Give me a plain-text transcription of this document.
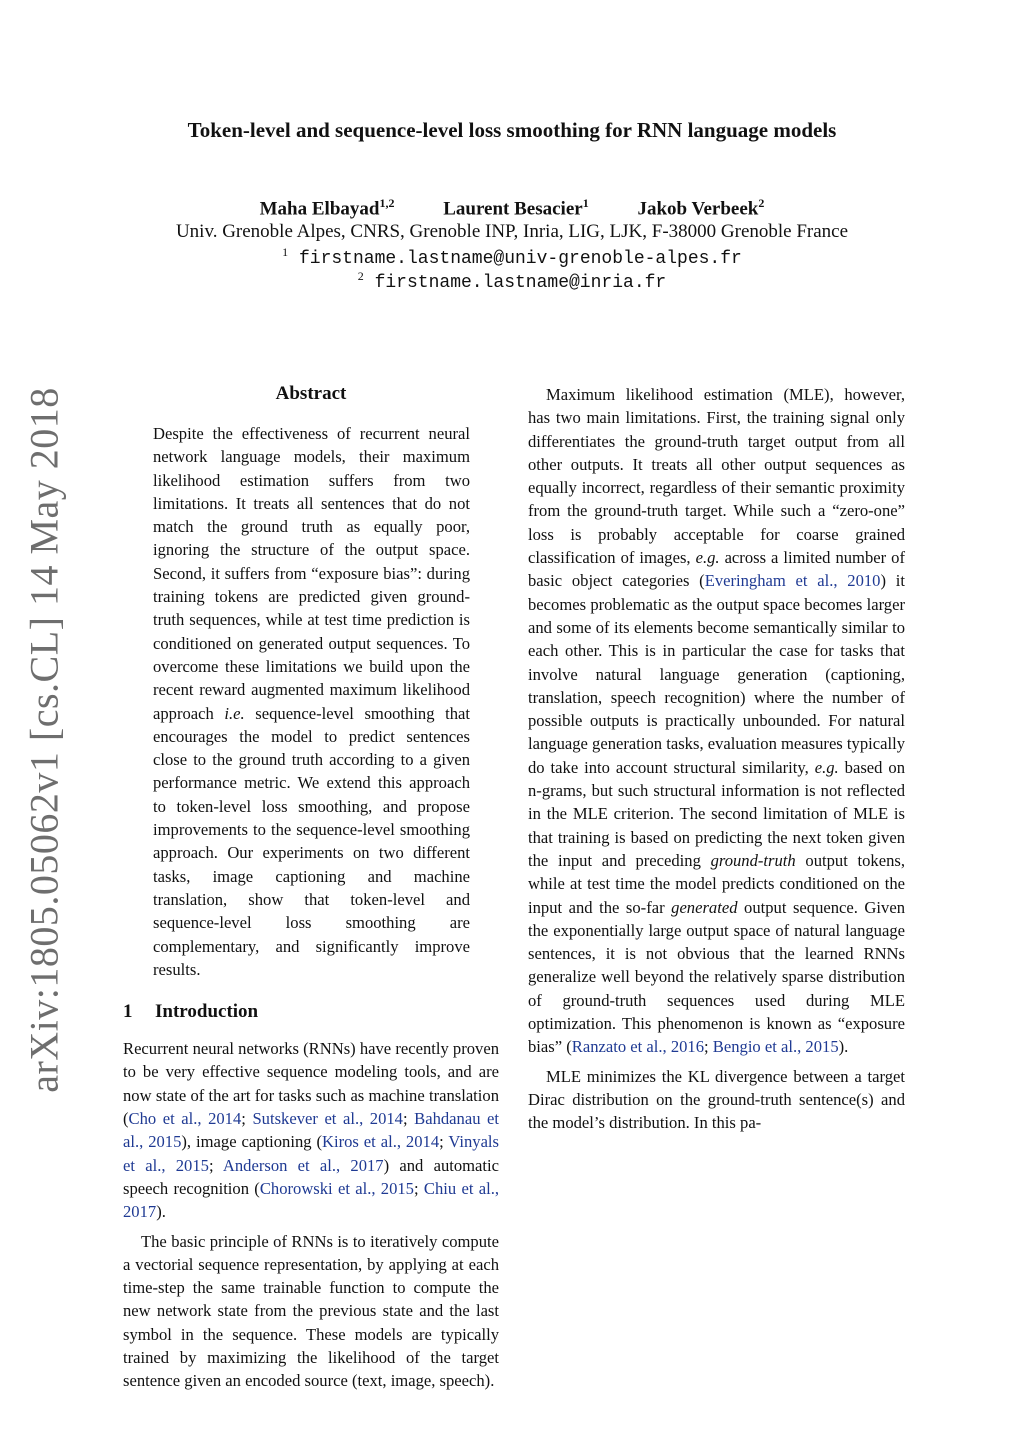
arXiv:1805.05062v1 [cs.CL] 14 May 2018
Token-level and sequence-level loss smoothing for RNN language models
Maha Elbayad$^{1,2}$	Laurent Besacier$^1$	Jakob Verbeek$^2$
Univ. Grenoble Alpes, CNRS, Grenoble INP, Inria, LIG, LJK, F-38000 Grenoble France
$^1$ firstname.lastname@univ-grenoble-alpes.fr
$^2$ firstname.lastname@inria.fr
Abstract
Despite the effectiveness of recurrent neural network language models, their maximum likelihood estimation suffers from two limitations. It treats all sentences that do not match the ground truth as equally poor, ignoring the structure of the output space. Second, it suffers from “exposure bias”: during training tokens are predicted given ground-truth sequences, while at test time prediction is conditioned on generated output sequences. To overcome these limitations we build upon the recent reward augmented maximum likelihood approach i.e. sequence-level smoothing that encourages the model to predict sentences close to the ground truth according to a given performance metric. We extend this approach to token-level loss smoothing, and propose improvements to the sequence-level smoothing approach. Our experiments on two different tasks, image captioning and machine translation, show that token-level and sequence-level loss smoothing are complementary, and significantly improve results.
1 Introduction

Recurrent neural networks (RNNs) have recently proven to be very effective sequence modeling tools, and are now state of the art for tasks such as machine translation (Cho et al., 2014; Sutskever et al., 2014; Bahdanau et al., 2015), image captioning (Kiros et al., 2014; Vinyals et al., 2015; Anderson et al., 2017) and automatic speech recognition (Chorowski et al., 2015; Chiu et al., 2017).

The basic principle of RNNs is to iteratively compute a vectorial sequence representation, by applying at each time-step the same trainable function to compute the new network state from the previous state and the last symbol in the sequence. These models are typically trained by maximizing the likelihood of the target sentence given an encoded source (text, image, speech).

Maximum likelihood estimation (MLE), however, has two main limitations. First, the training signal only differentiates the ground-truth target output from all other outputs. It treats all other output sequences as equally incorrect, regardless of their semantic proximity from the ground-truth target. While such a “zero-one” loss is probably acceptable for coarse grained classification of images, e.g. across a limited number of basic object categories (Everingham et al., 2010) it becomes problematic as the output space becomes larger and some of its elements become semantically similar to each other. This is in particular the case for tasks that involve natural language generation (captioning, translation, speech recognition) where the number of possible outputs is practically unbounded. For natural language generation tasks, evaluation measures typically do take into account structural similarity, e.g. based on n-grams, but such structural information is not reflected in the MLE criterion. The second limitation of MLE is that training is based on predicting the next token given the input and preceding ground-truth output tokens, while at test time the model predicts conditioned on the input and the so-far generated output sequence. Given the exponentially large output space of natural language sentences, it is not obvious that the learned RNNs generalize well beyond the relatively sparse distribution of ground-truth sequences used during MLE optimization. This phenomenon is known as “exposure bias” (Ranzato et al., 2016; Bengio et al., 2015).

MLE minimizes the KL divergence between a target Dirac distribution on the ground-truth sentence(s) and the model’s distribution. In this pa-
